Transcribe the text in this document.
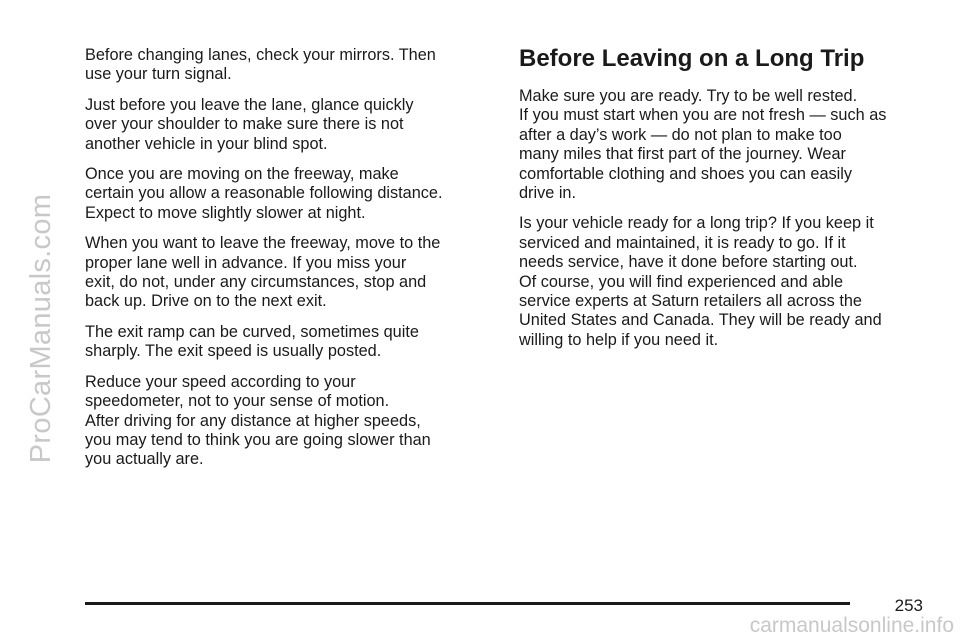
ProCarManuals.com

Before changing lanes, check your mirrors. Then
use your turn signal.

Just before you leave the lane, glance quickly
over your shoulder to make sure there is not
another vehicle in your blind spot.

Once you are moving on the freeway, make
certain you allow a reasonable following distance.
Expect to move slightly slower at night.

When you want to leave the freeway, move to the
proper lane well in advance. If you miss your
exit, do not, under any circumstances, stop and
back up. Drive on to the next exit.

The exit ramp can be curved, sometimes quite
sharply. The exit speed is usually posted.

Reduce your speed according to your
speedometer, not to your sense of motion.
After driving for any distance at higher speeds,
you may tend to think you are going slower than
you actually are.

Before Leaving on a Long Trip

Make sure you are ready. Try to be well rested.
If you must start when you are not fresh — such as
after a day’s work — do not plan to make too
many miles that first part of the journey. Wear
comfortable clothing and shoes you can easily
drive in.

Is your vehicle ready for a long trip? If you keep it
serviced and maintained, it is ready to go. If it
needs service, have it done before starting out.
Of course, you will find experienced and able
service experts at Saturn retailers all across the
United States and Canada. They will be ready and
willing to help if you need it.

253
carmanualsonline.info
